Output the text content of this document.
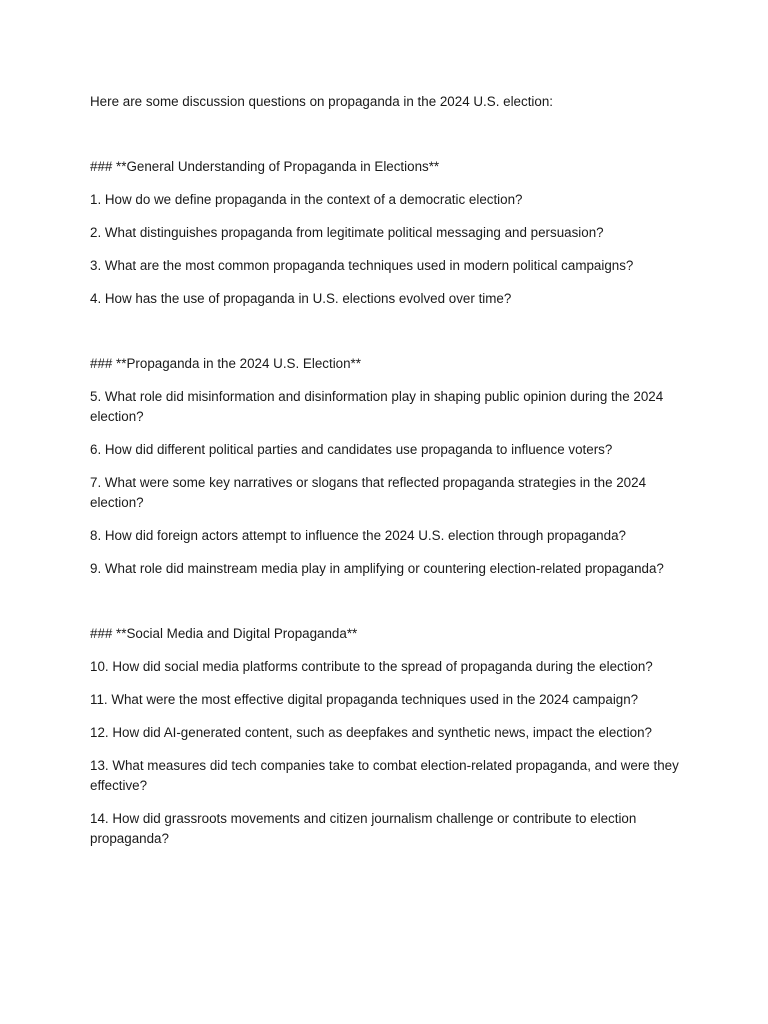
Here are some discussion questions on propaganda in the 2024 U.S. election:

### **General Understanding of Propaganda in Elections**

1. How do we define propaganda in the context of a democratic election?

2. What distinguishes propaganda from legitimate political messaging and persuasion?

3. What are the most common propaganda techniques used in modern political campaigns?

4. How has the use of propaganda in U.S. elections evolved over time?

### **Propaganda in the 2024 U.S. Election**

5. What role did misinformation and disinformation play in shaping public opinion during the 2024 election?

6. How did different political parties and candidates use propaganda to influence voters?

7. What were some key narratives or slogans that reflected propaganda strategies in the 2024 election?

8. How did foreign actors attempt to influence the 2024 U.S. election through propaganda?

9. What role did mainstream media play in amplifying or countering election-related propaganda?

### **Social Media and Digital Propaganda**

10. How did social media platforms contribute to the spread of propaganda during the election?

11. What were the most effective digital propaganda techniques used in the 2024 campaign?

12. How did AI-generated content, such as deepfakes and synthetic news, impact the election?

13. What measures did tech companies take to combat election-related propaganda, and were they effective?

14. How did grassroots movements and citizen journalism challenge or contribute to election propaganda?
